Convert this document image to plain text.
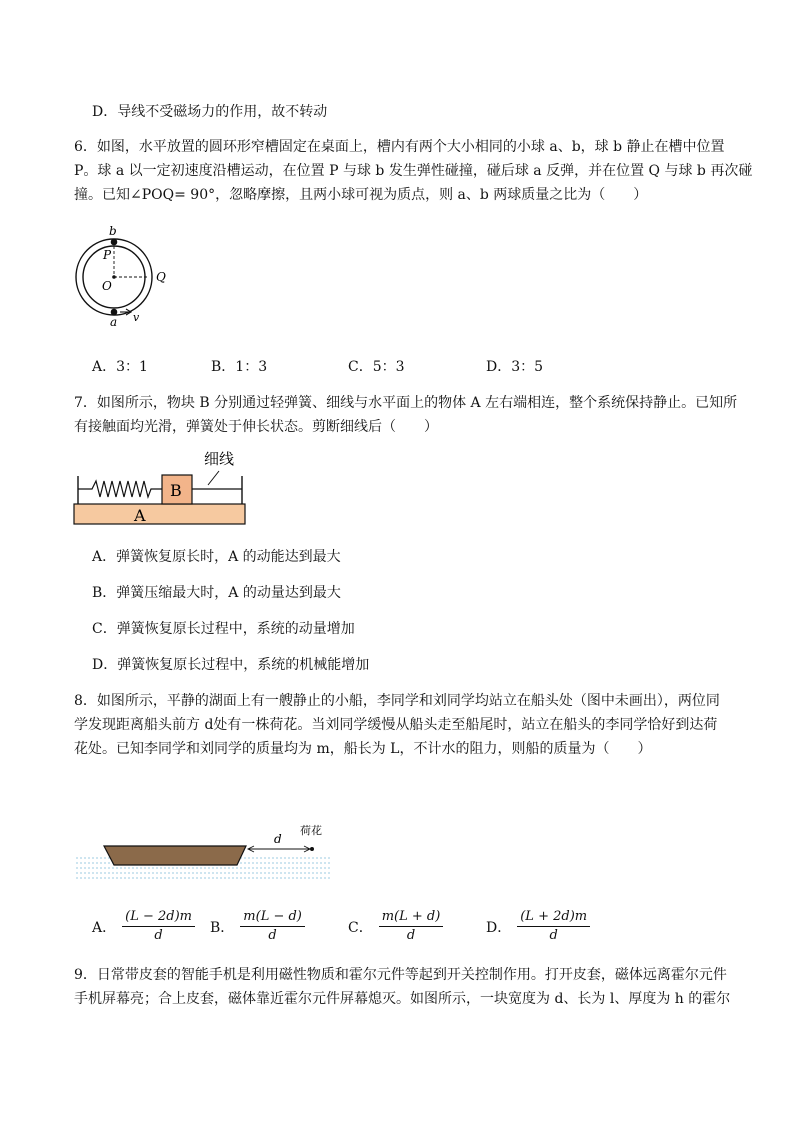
D．导线不受磁场力的作用，故不转动
6．如图，水平放置的圆环形窄槽固定在桌面上，槽内有两个大小相同的小球 a、b，球 b 静止在槽中位置
P。球 a 以一定初速度沿槽运动，在位置 P 与球 b 发生弹性碰撞，碰后球 a 反弹，并在位置 Q 与球 b 再次碰
撞。已知∠POQ= 90°，忽略摩擦，且两小球可视为质点，则 a、b 两球质量之比为（　　）
b
P
O
Q
a v
A．3：1	B．1：3	C．5：3	D．3：5
7．如图所示，物块 B 分别通过轻弹簧、细线与水平面上的物体 A 左右端相连，整个系统保持静止。已知所
有接触面均光滑，弹簧处于伸长状态。剪断细线后（　　）
细线
B
A
A．弹簧恢复原长时，A 的动能达到最大
B．弹簧压缩最大时，A 的动量达到最大
C．弹簧恢复原长过程中，系统的动量增加
D．弹簧恢复原长过程中，系统的机械能增加
8．如图所示，平静的湖面上有一艘静止的小船，李同学和刘同学均站立在船头处（图中未画出），两位同
学发现距离船头前方 d处有一株荷花。当刘同学缓慢从船头走至船尾时，站立在船头的李同学恰好到达荷
花处。已知李同学和刘同学的质量均为 m，船长为 L，不计水的阻力，则船的质量为（　　）
d
荷花
A． $\frac{(L - 2d)m}{d}$ B． $\frac{m(L - d)}{d}$	C． $\frac{m(L + d)}{d}$	D． $\frac{(L + 2d)m}{d}$
9．日常带皮套的智能手机是利用磁性物质和霍尔元件等起到开关控制作用。打开皮套，磁体远离霍尔元件
手机屏幕亮；合上皮套，磁体靠近霍尔元件屏幕熄灭。如图所示，一块宽度为 d、长为 l、厚度为 h 的霍尔
